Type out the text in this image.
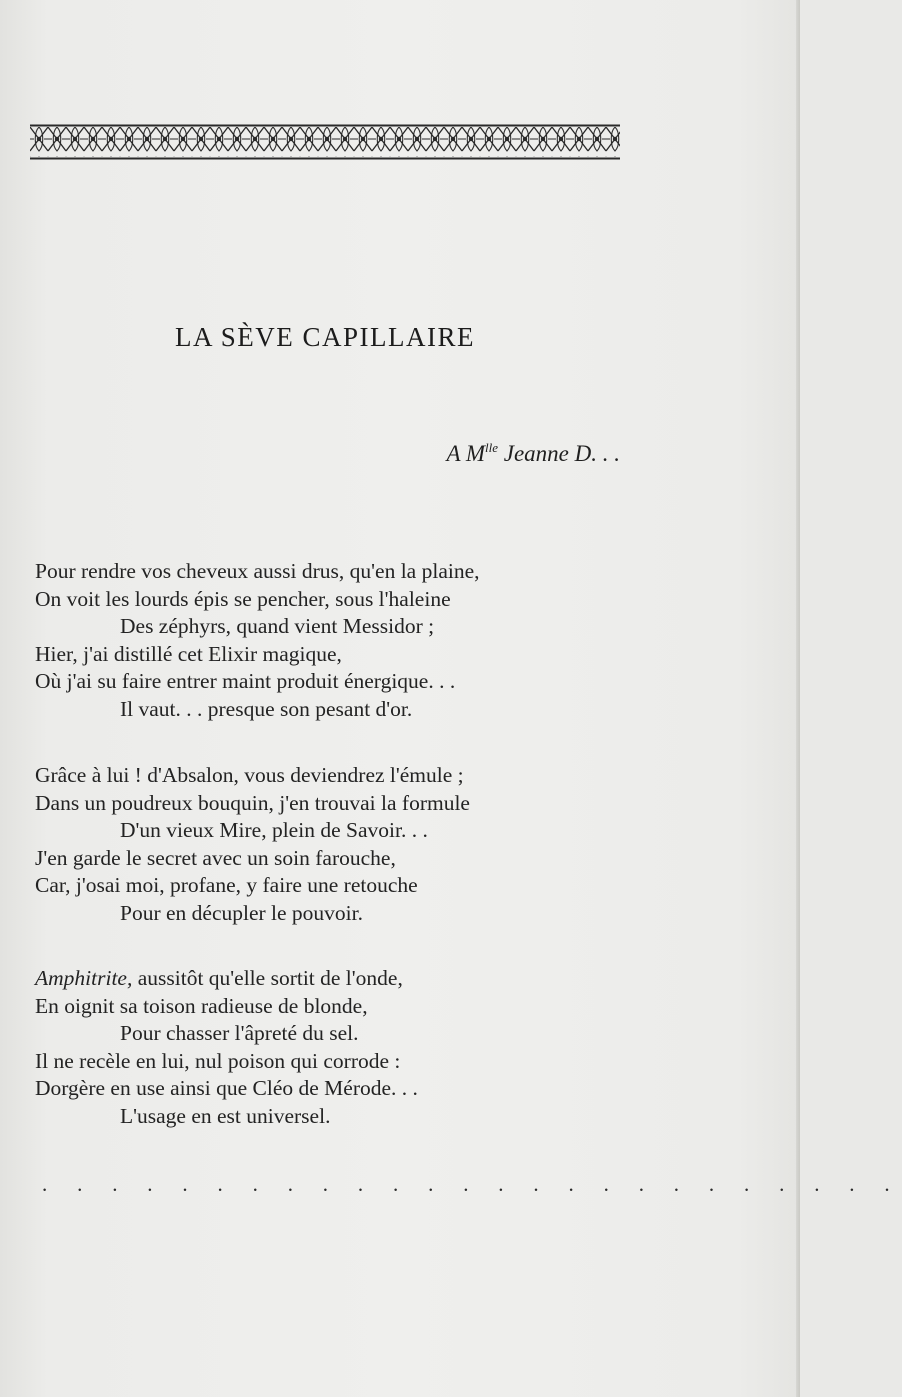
LA SÈVE CAPILLAIRE
A $M^{lle}$ Jeanne D. . .
Pour rendre vos cheveux aussi drus, qu'en la plaine,
On voit les lourds épis se pencher, sous l'haleine
Des zéphyrs, quand vient Messidor ;
Hier, j'ai distillé cet Elixir magique,
Où j'ai su faire entrer maint produit énergique. . .
Il vaut. . . presque son pesant d'or.
Grâce à lui ! d'Absalon, vous deviendrez l'émule ;
Dans un poudreux bouquin, j'en trouvai la formule
D'un vieux Mire, plein de Savoir. . .
J'en garde le secret avec un soin farouche,
Car, j'osai moi, profane, y faire une retouche
Pour en décupler le pouvoir.
Amphitrite, aussitôt qu'elle sortit de l'onde,
En oignit sa toison radieuse de blonde,
Pour chasser l'âpreté du sel.
Il ne recèle en lui, nul poison qui corrode :
Dorgère en use ainsi que Cléo de Mérode. . .
L'usage en est universel.
. . . . . . . . . . . . . . . . . . . . . . . . .
